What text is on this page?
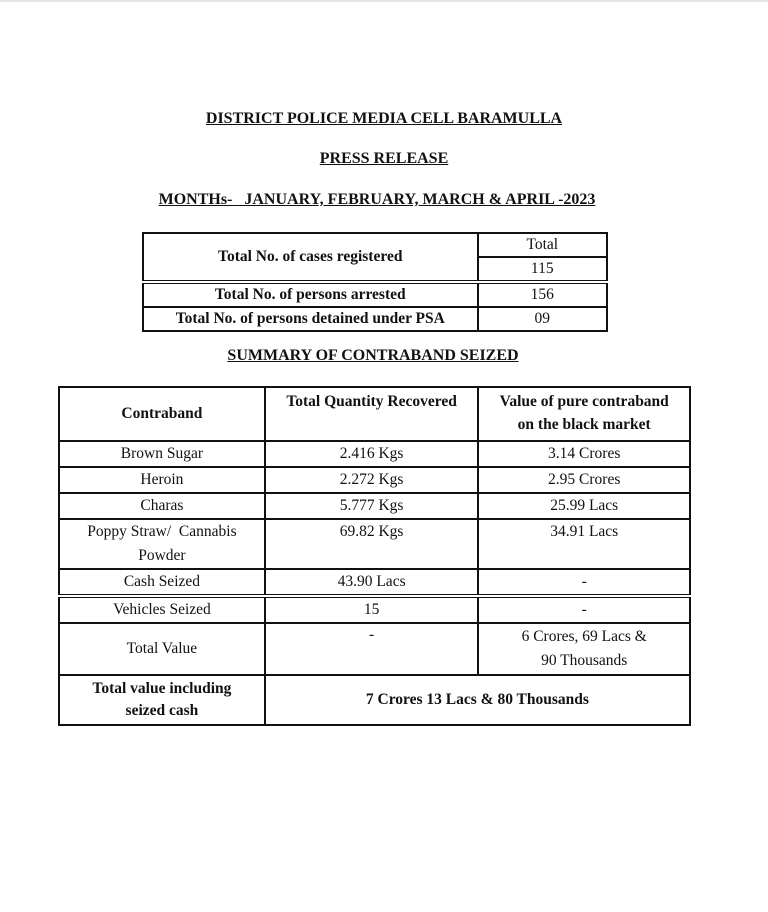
DISTRICT POLICE MEDIA CELL BARAMULLA
PRESS RELEASE
MONTHs-   JANUARY, FEBRUARY, MARCH & APRIL -2023
Total No. of cases registered	Total
	115
Total No. of persons arrested	156
Total No. of persons detained under PSA	09
SUMMARY OF CONTRABAND SEIZED
Contraband	Total Quantity Recovered	Value of pure contraband
on the black market

Brown Sugar	2.416 Kgs	3.14 Crores
Heroin	2.272 Kgs	2.95 Crores
Charas	5.777 Kgs	25.99 Lacs

Poppy Straw/  Cannabis
Powder	69.82 Kgs	34.91 Lacs
Cash Seized	43.90 Lacs	-
Vehicles Seized	15	-
Total Value	-	6 Crores, 69 Lacs &
90 Thousands

Total value including
seized cash	7 Crores 13 Lacs & 80 Thousands	
